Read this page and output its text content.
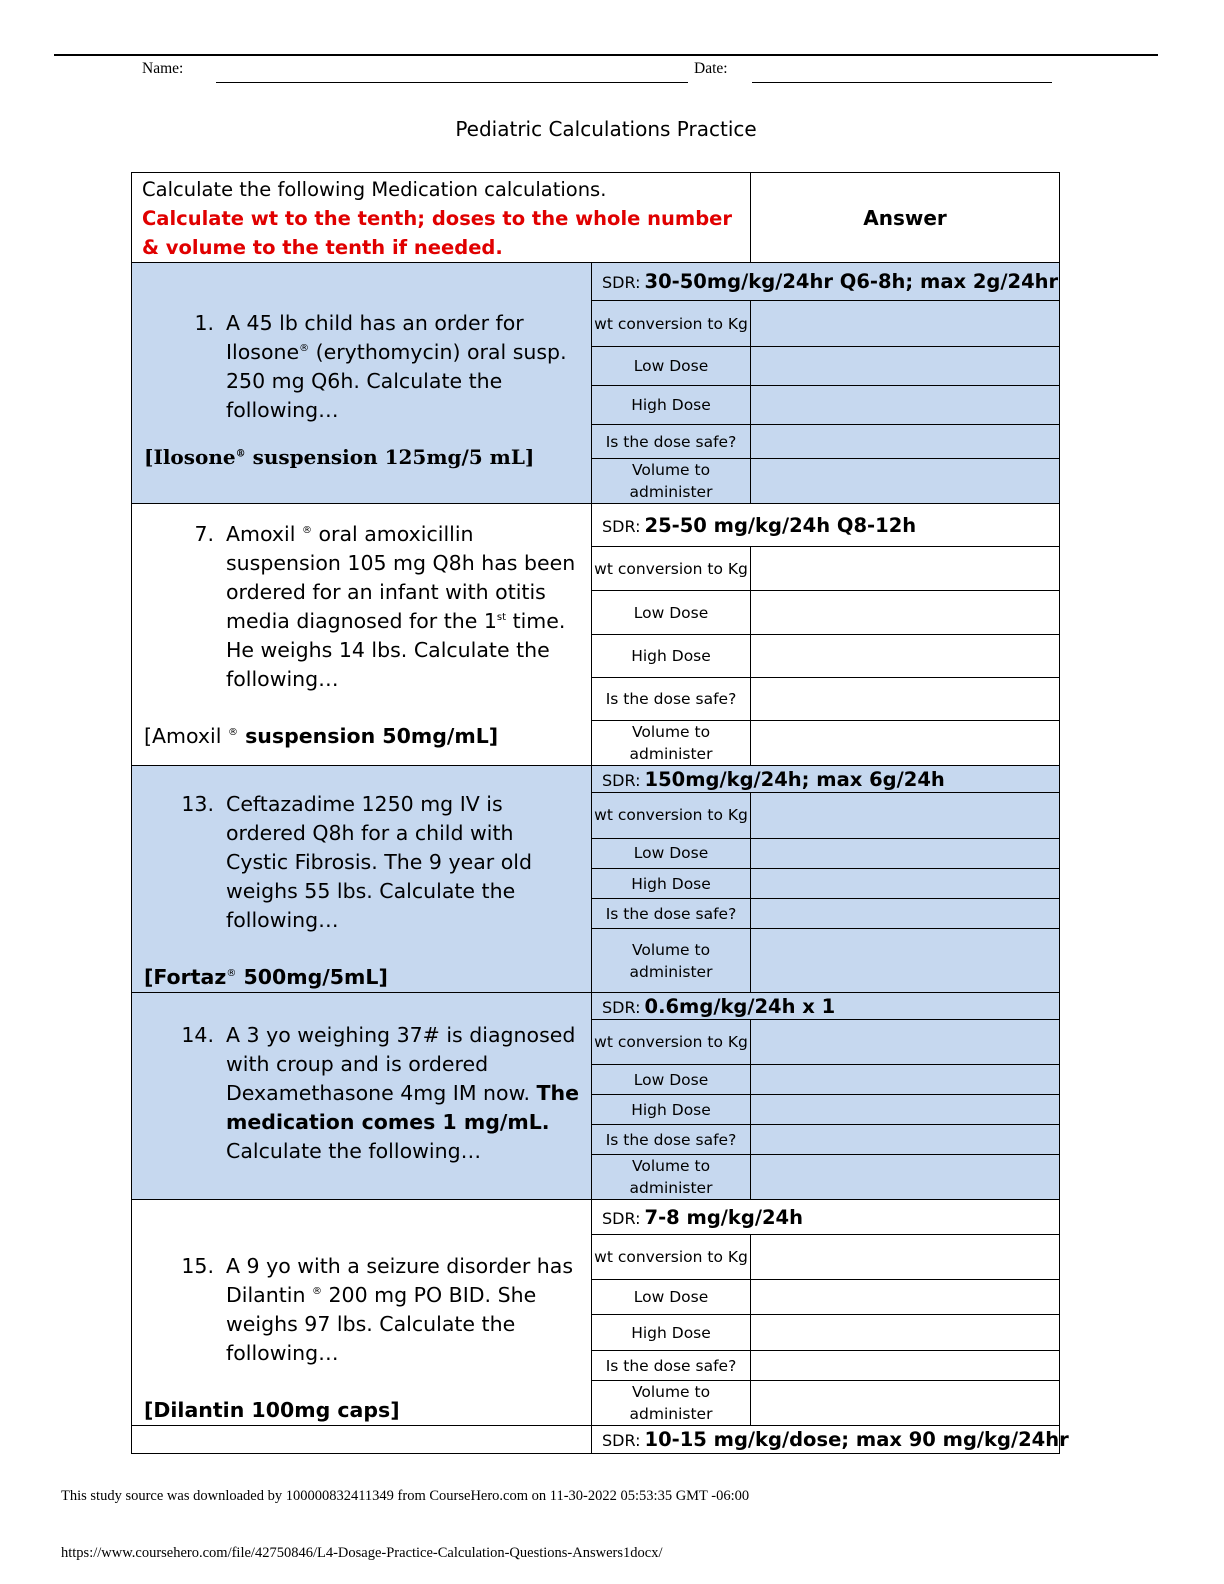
Name:	Date:
Pediatric Calculations Practice
Calculate the following Medication calculations.
Calculate wt to the tenth; doses to the whole number & volume to the tenth if needed.		Answer

1. A 45 lb child has an order for Ilosone® (erythomycin) oral susp. 250 mg Q6h. Calculate the following…
[Ilosone® suspension 125mg/5 mL]	SDR: 30-50mg/kg/24hr Q6-8h; max 2g/24hr	
	wt conversion to Kg	
	Low Dose	
	High Dose	
	Is the dose safe?	
	Volume to administer	

7. Amoxil ® oral amoxicillin suspension 105 mg Q8h has been ordered for an infant with otitis media diagnosed for the 1st time. He weighs 14 lbs. Calculate the following…
[Amoxil ® suspension 50mg/mL]	SDR: 25-50 mg/kg/24h Q8-12h	
	wt conversion to Kg	
	Low Dose	
	High Dose	
	Is the dose safe?	
	Volume to administer	

13. Ceftazadime 1250 mg IV is ordered Q8h for a child with Cystic Fibrosis. The 9 year old weighs 55 lbs. Calculate the following…
[Fortaz® 500mg/5mL]	SDR: 150mg/kg/24h; max 6g/24h	
	wt conversion to Kg	
	Low Dose	
	High Dose	
	Is the dose safe?	
	Volume to administer	

14. A 3 yo weighing 37# is diagnosed with croup and is ordered Dexamethasone 4mg IM now. The medication comes 1 mg/mL. Calculate the following…	SDR: 0.6mg/kg/24h x 1	
	wt conversion to Kg	
	Low Dose	
	High Dose	
	Is the dose safe?	
	Volume to administer	

15. A 9 yo with a seizure disorder has Dilantin ® 200 mg PO BID. She weighs 97 lbs. Calculate the following…
[Dilantin 100mg caps]	SDR: 7-8 mg/kg/24h	
	wt conversion to Kg	
	Low Dose	
	High Dose	
	Is the dose safe?	
	Volume to administer	
	SDR: 10-15 mg/kg/dose; max 90 mg/kg/24hr	
This study source was downloaded by 100000832411349 from CourseHero.com on 11-30-2022 05:53:35 GMT -06:00
https://www.coursehero.com/file/42750846/L4-Dosage-Practice-Calculation-Questions-Answers1docx/
